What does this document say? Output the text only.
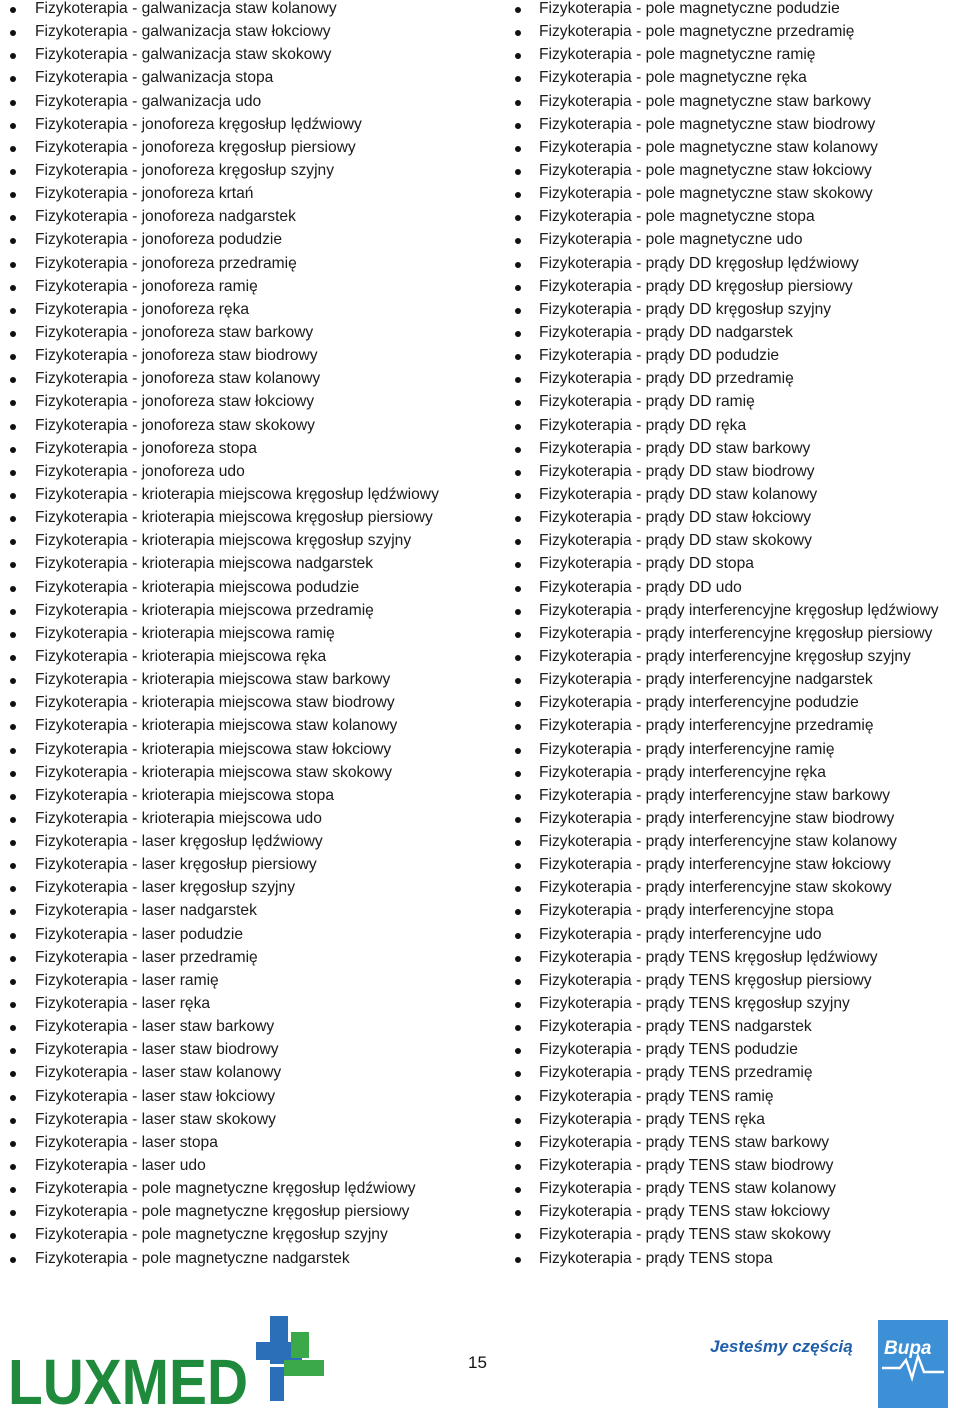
Fizykoterapia - galwanizacja staw kolanowy
Fizykoterapia - galwanizacja staw łokciowy
Fizykoterapia - galwanizacja staw skokowy
Fizykoterapia - galwanizacja stopa
Fizykoterapia - galwanizacja udo
Fizykoterapia - jonoforeza kręgosłup lędźwiowy
Fizykoterapia - jonoforeza kręgosłup piersiowy
Fizykoterapia - jonoforeza kręgosłup szyjny
Fizykoterapia - jonoforeza krtań
Fizykoterapia - jonoforeza nadgarstek
Fizykoterapia - jonoforeza podudzie
Fizykoterapia - jonoforeza przedramię
Fizykoterapia - jonoforeza ramię
Fizykoterapia - jonoforeza ręka
Fizykoterapia - jonoforeza staw barkowy
Fizykoterapia - jonoforeza staw biodrowy
Fizykoterapia - jonoforeza staw kolanowy
Fizykoterapia - jonoforeza staw łokciowy
Fizykoterapia - jonoforeza staw skokowy
Fizykoterapia - jonoforeza stopa
Fizykoterapia - jonoforeza udo
Fizykoterapia - krioterapia miejscowa kręgosłup lędźwiowy
Fizykoterapia - krioterapia miejscowa kręgosłup piersiowy
Fizykoterapia - krioterapia miejscowa kręgosłup szyjny
Fizykoterapia - krioterapia miejscowa nadgarstek
Fizykoterapia - krioterapia miejscowa podudzie
Fizykoterapia - krioterapia miejscowa przedramię
Fizykoterapia - krioterapia miejscowa ramię
Fizykoterapia - krioterapia miejscowa ręka
Fizykoterapia - krioterapia miejscowa staw barkowy
Fizykoterapia - krioterapia miejscowa staw biodrowy
Fizykoterapia - krioterapia miejscowa staw kolanowy
Fizykoterapia - krioterapia miejscowa staw łokciowy
Fizykoterapia - krioterapia miejscowa staw skokowy
Fizykoterapia - krioterapia miejscowa stopa
Fizykoterapia - krioterapia miejscowa udo
Fizykoterapia - laser kręgosłup lędźwiowy
Fizykoterapia - laser kręgosłup piersiowy
Fizykoterapia - laser kręgosłup szyjny
Fizykoterapia - laser nadgarstek
Fizykoterapia - laser podudzie
Fizykoterapia - laser przedramię
Fizykoterapia - laser ramię
Fizykoterapia - laser ręka
Fizykoterapia - laser staw barkowy
Fizykoterapia - laser staw biodrowy
Fizykoterapia - laser staw kolanowy
Fizykoterapia - laser staw łokciowy
Fizykoterapia - laser staw skokowy
Fizykoterapia - laser stopa
Fizykoterapia - laser udo
Fizykoterapia - pole magnetyczne kręgosłup lędźwiowy
Fizykoterapia - pole magnetyczne kręgosłup piersiowy
Fizykoterapia - pole magnetyczne kręgosłup szyjny
Fizykoterapia - pole magnetyczne nadgarstek
Fizykoterapia - pole magnetyczne podudzie
Fizykoterapia - pole magnetyczne przedramię
Fizykoterapia - pole magnetyczne ramię
Fizykoterapia - pole magnetyczne ręka
Fizykoterapia - pole magnetyczne staw barkowy
Fizykoterapia - pole magnetyczne staw biodrowy
Fizykoterapia - pole magnetyczne staw kolanowy
Fizykoterapia - pole magnetyczne staw łokciowy
Fizykoterapia - pole magnetyczne staw skokowy
Fizykoterapia - pole magnetyczne stopa
Fizykoterapia - pole magnetyczne udo
Fizykoterapia - prądy DD kręgosłup lędźwiowy
Fizykoterapia - prądy DD kręgosłup piersiowy
Fizykoterapia - prądy DD kręgosłup szyjny
Fizykoterapia - prądy DD nadgarstek
Fizykoterapia - prądy DD podudzie
Fizykoterapia - prądy DD przedramię
Fizykoterapia - prądy DD ramię
Fizykoterapia - prądy DD ręka
Fizykoterapia - prądy DD staw barkowy
Fizykoterapia - prądy DD staw biodrowy
Fizykoterapia - prądy DD staw kolanowy
Fizykoterapia - prądy DD staw łokciowy
Fizykoterapia - prądy DD staw skokowy
Fizykoterapia - prądy DD stopa
Fizykoterapia - prądy DD udo
Fizykoterapia - prądy interferencyjne kręgosłup lędźwiowy
Fizykoterapia - prądy interferencyjne kręgosłup piersiowy
Fizykoterapia - prądy interferencyjne kręgosłup szyjny
Fizykoterapia - prądy interferencyjne nadgarstek
Fizykoterapia - prądy interferencyjne podudzie
Fizykoterapia - prądy interferencyjne przedramię
Fizykoterapia - prądy interferencyjne ramię
Fizykoterapia - prądy interferencyjne ręka
Fizykoterapia - prądy interferencyjne staw barkowy
Fizykoterapia - prądy interferencyjne staw biodrowy
Fizykoterapia - prądy interferencyjne staw kolanowy
Fizykoterapia - prądy interferencyjne staw łokciowy
Fizykoterapia - prądy interferencyjne staw skokowy
Fizykoterapia - prądy interferencyjne stopa
Fizykoterapia - prądy interferencyjne udo
Fizykoterapia - prądy TENS kręgosłup lędźwiowy
Fizykoterapia - prądy TENS kręgosłup piersiowy
Fizykoterapia - prądy TENS kręgosłup szyjny
Fizykoterapia - prądy TENS nadgarstek
Fizykoterapia - prądy TENS podudzie
Fizykoterapia - prądy TENS przedramię
Fizykoterapia - prądy TENS ramię
Fizykoterapia - prądy TENS ręka
Fizykoterapia - prądy TENS staw barkowy
Fizykoterapia - prądy TENS staw biodrowy
Fizykoterapia - prądy TENS staw kolanowy
Fizykoterapia - prądy TENS staw łokciowy
Fizykoterapia - prądy TENS staw skokowy
Fizykoterapia - prądy TENS stopa
LUXMED	15
Jesteśmy częścią Bupa
